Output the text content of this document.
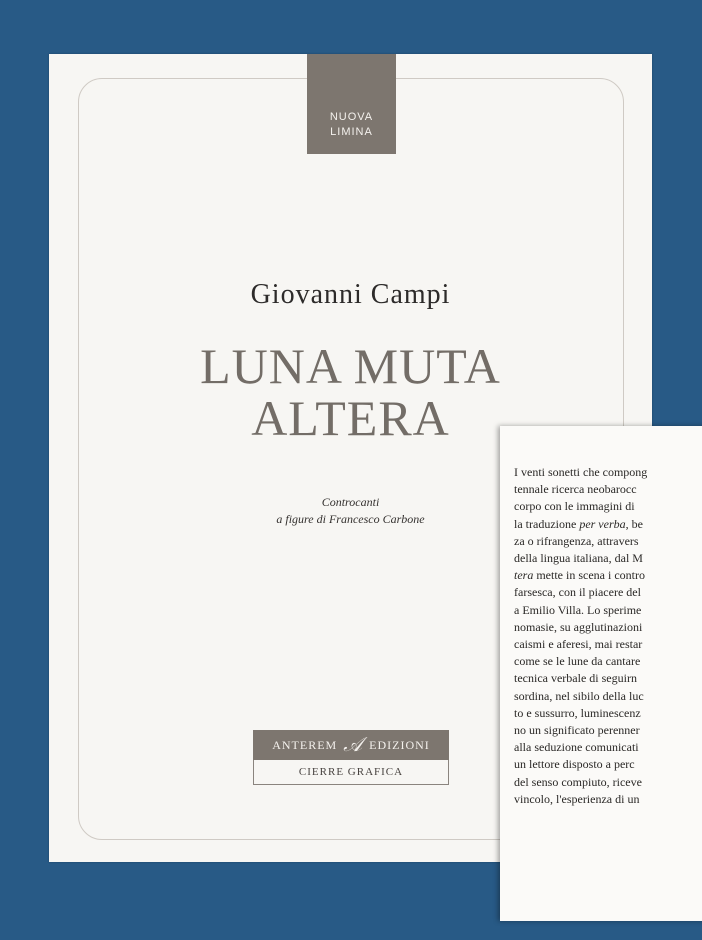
NUOVA
LIMINA
Giovanni Campi
LUNA MUTA
ALTERA
Controcanti
a figure di Francesco Carbone
ANTEREM 𝒜 EDIZIONI
CIERRE GRAFICA
I venti sonetti che compong
tennale ricerca neobarocc
corpo con le immagini di
la traduzione per verba, be
za o rifrangenza, attravers
della lingua italiana, dal M
tera mette in scena i contro
farsesca, con il piacere del
a Emilio Villa. Lo sperime
nomasie, su agglutinazioni
caismi e aferesi, mai restar
come se le lune da cantare
tecnica verbale di seguirn
sordina, nel sibilo della luc
to e sussurro, luminescenz
no un significato perenner
alla seduzione comunicati
un lettore disposto a perc
del senso compiuto, riceve
vincolo, l'esperienza di un
